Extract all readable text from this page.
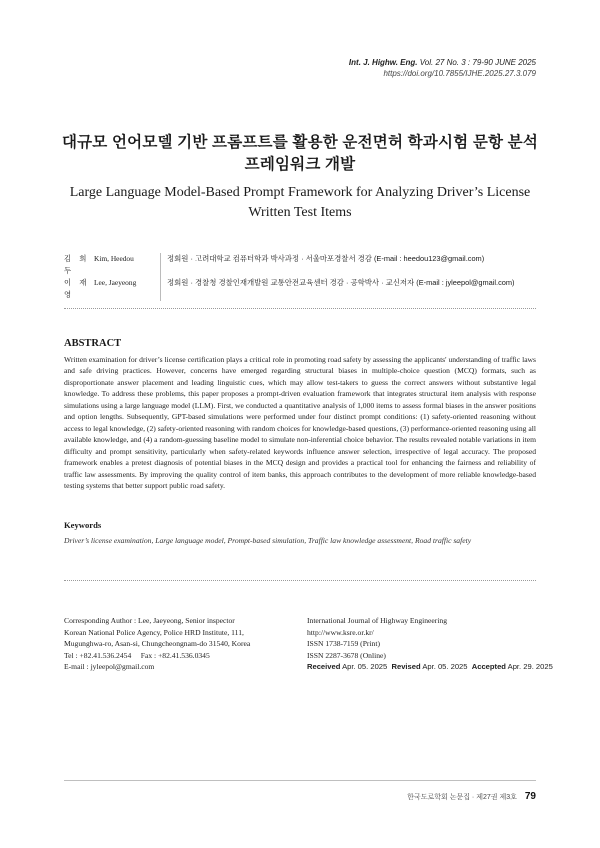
Int. J. Highw. Eng. Vol. 27 No. 3 : 79-90 JUNE 2025
https://doi.org/10.7855/IJHE.2025.27.3.079
대규모 언어모델 기반 프롬프트를 활용한 운전면허 학과시험 문항 분석
프레임워크 개발
Large Language Model-Based Prompt Framework for Analyzing Driver’s License
Written Test Items
김 희 두
Kim, Heedou	정회원 · 고려대학교 컴퓨터학과 박사과정 · 서울마포경찰서 경감 (E-mail : heedou123@gmail.com)
이 재 영
Lee, Jaeyeong	정회원 · 경찰청 경찰인재개발원 교통안전교육센터 경감 · 공학박사 · 교신저자 (E-mail : jyleepol@gmail.com)
ABSTRACT
Written examination for driver’s license certification plays a critical role in promoting road safety by assessing the applicants' understanding of traffic laws and safe driving practices. However, concerns have emerged regarding structural biases in multiple-choice question (MCQ) formats, such as disproportionate answer placement and leading linguistic cues, which may allow test-takers to guess the correct answers without substantive legal knowledge. To address these problems, this paper proposes a prompt-driven evaluation framework that integrates structural item analysis with response simulations using a large language model (LLM). First, we conducted a quantitative analysis of 1,000 items to assess formal biases in the answer positions and option lengths. Subsequently, GPT-based simulations were performed under four distinct prompt conditions: (1) safety-oriented reasoning without access to legal knowledge, (2) safety-oriented reasoning with random choices for knowledge-based questions, (3) performance-oriented reasoning using all available knowledge, and (4) a random-guessing baseline model to simulate non-inferential choice behavior. The results revealed notable variations in item difficulty and prompt sensitivity, particularly when safety-related keywords influence answer selection, irrespective of legal accuracy. The proposed framework enables a pretest diagnosis of potential biases in the MCQ design and provides a practical tool for enhancing the fairness and reliability of traffic law assessments. By improving the quality control of item banks, this approach contributes to the development of more reliable knowledge-based testing systems that better support public road safety.
Keywords
Driver’s license examination, Large language model, Prompt-based simulation, Traffic law knowledge assessment, Road traffic safety
Corresponding Author : Lee, Jaeyeong, Senior inspector
Korean National Police Agency, Police HRD Institute, 111,
Mugunghwa-ro, Asan-si, Chungcheongnam-do 31540, Korea
Tel : +82.41.536.2454     Fax : +82.41.536.0345
E-mail : jyleepol@gmail.com
International Journal of Highway Engineering
http://www.ksre.or.kr/
ISSN 1738-7159 (Print)
ISSN 2287-3678 (Online)
Received Apr. 05. 2025 Revised Apr. 05. 2025 Accepted Apr. 29. 2025
한국도로학회 논문집 · 제27권 제3호 79
